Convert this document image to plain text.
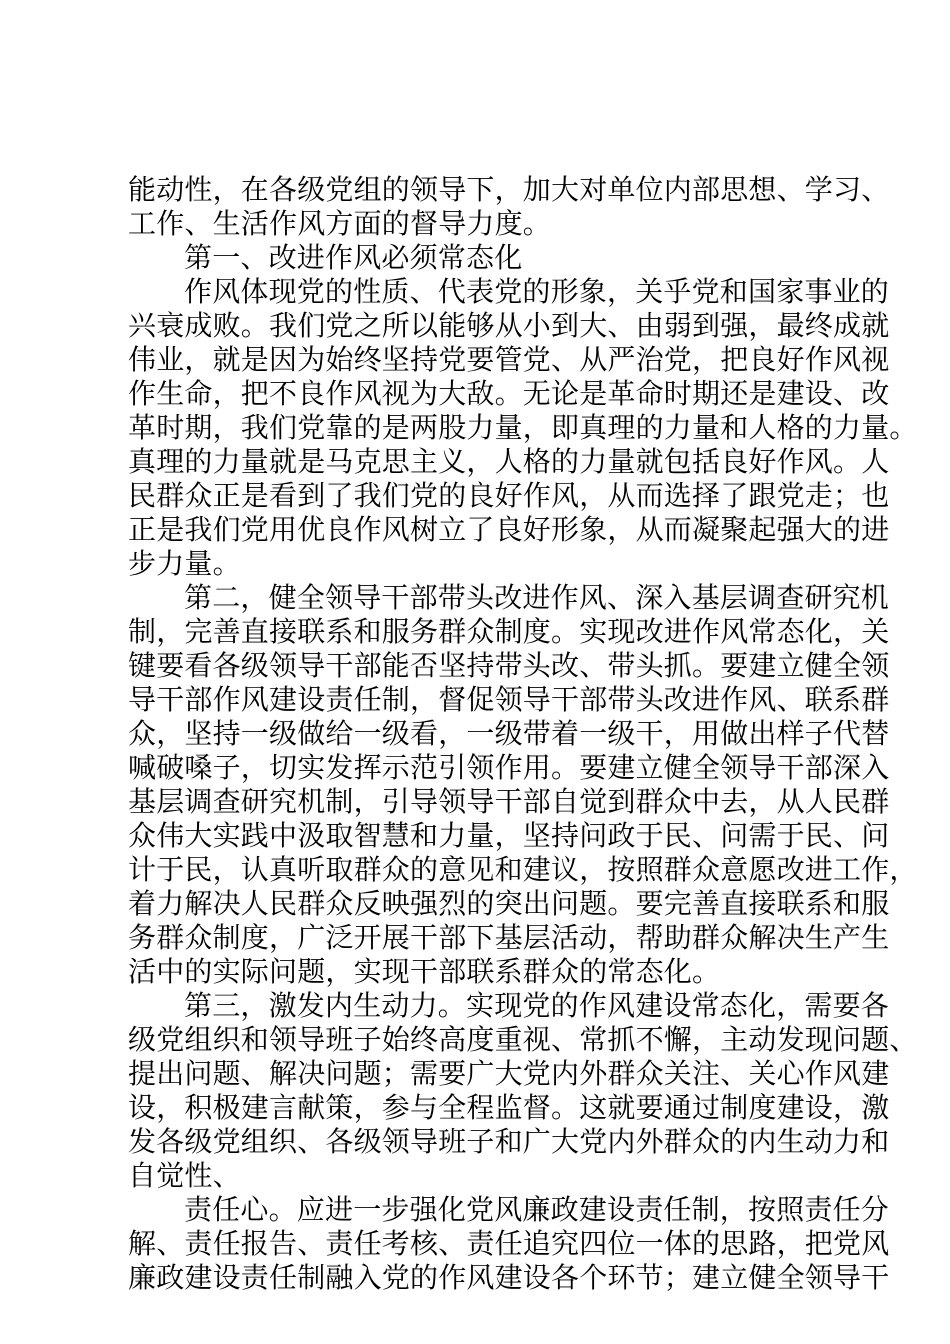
能动性，在各级党组的领导下，加大对单位内部思想、学习、

工作、生活作风方面的督导力度。

第一、改进作风必须常态化

作风体现党的性质、代表党的形象，关乎党和国家事业的

兴衰成败。我们党之所以能够从小到大、由弱到强，最终成就

伟业，就是因为始终坚持党要管党、从严治党，把良好作风视

作生命，把不良作风视为大敌。无论是革命时期还是建设、改

革时期，我们党靠的是两股力量，即真理的力量和人格的力量。

真理的力量就是马克思主义，人格的力量就包括良好作风。人

民群众正是看到了我们党的良好作风，从而选择了跟党走；也

正是我们党用优良作风树立了良好形象，从而凝聚起强大的进

步力量。

第二，健全领导干部带头改进作风、深入基层调查研究机

制，完善直接联系和服务群众制度。实现改进作风常态化，关

键要看各级领导干部能否坚持带头改、带头抓。要建立健全领

导干部作风建设责任制，督促领导干部带头改进作风、联系群

众，坚持一级做给一级看，一级带着一级干，用做出样子代替

喊破嗓子，切实发挥示范引领作用。要建立健全领导干部深入

基层调查研究机制，引导领导干部自觉到群众中去，从人民群

众伟大实践中汲取智慧和力量，坚持问政于民、问需于民、问

计于民，认真听取群众的意见和建议，按照群众意愿改进工作，

着力解决人民群众反映强烈的突出问题。要完善直接联系和服

务群众制度，广泛开展干部下基层活动，帮助群众解决生产生

活中的实际问题，实现干部联系群众的常态化。

第三，激发内生动力。实现党的作风建设常态化，需要各

级党组织和领导班子始终高度重视、常抓不懈，主动发现问题、

提出问题、解决问题；需要广大党内外群众关注、关心作风建

设，积极建言献策，参与全程监督。这就要通过制度建设，激

发各级党组织、各级领导班子和广大党内外群众的内生动力和

自觉性、

责任心。应进一步强化党风廉政建设责任制，按照责任分

解、责任报告、责任考核、责任追究四位一体的思路，把党风

廉政建设责任制融入党的作风建设各个环节；建立健全领导干
